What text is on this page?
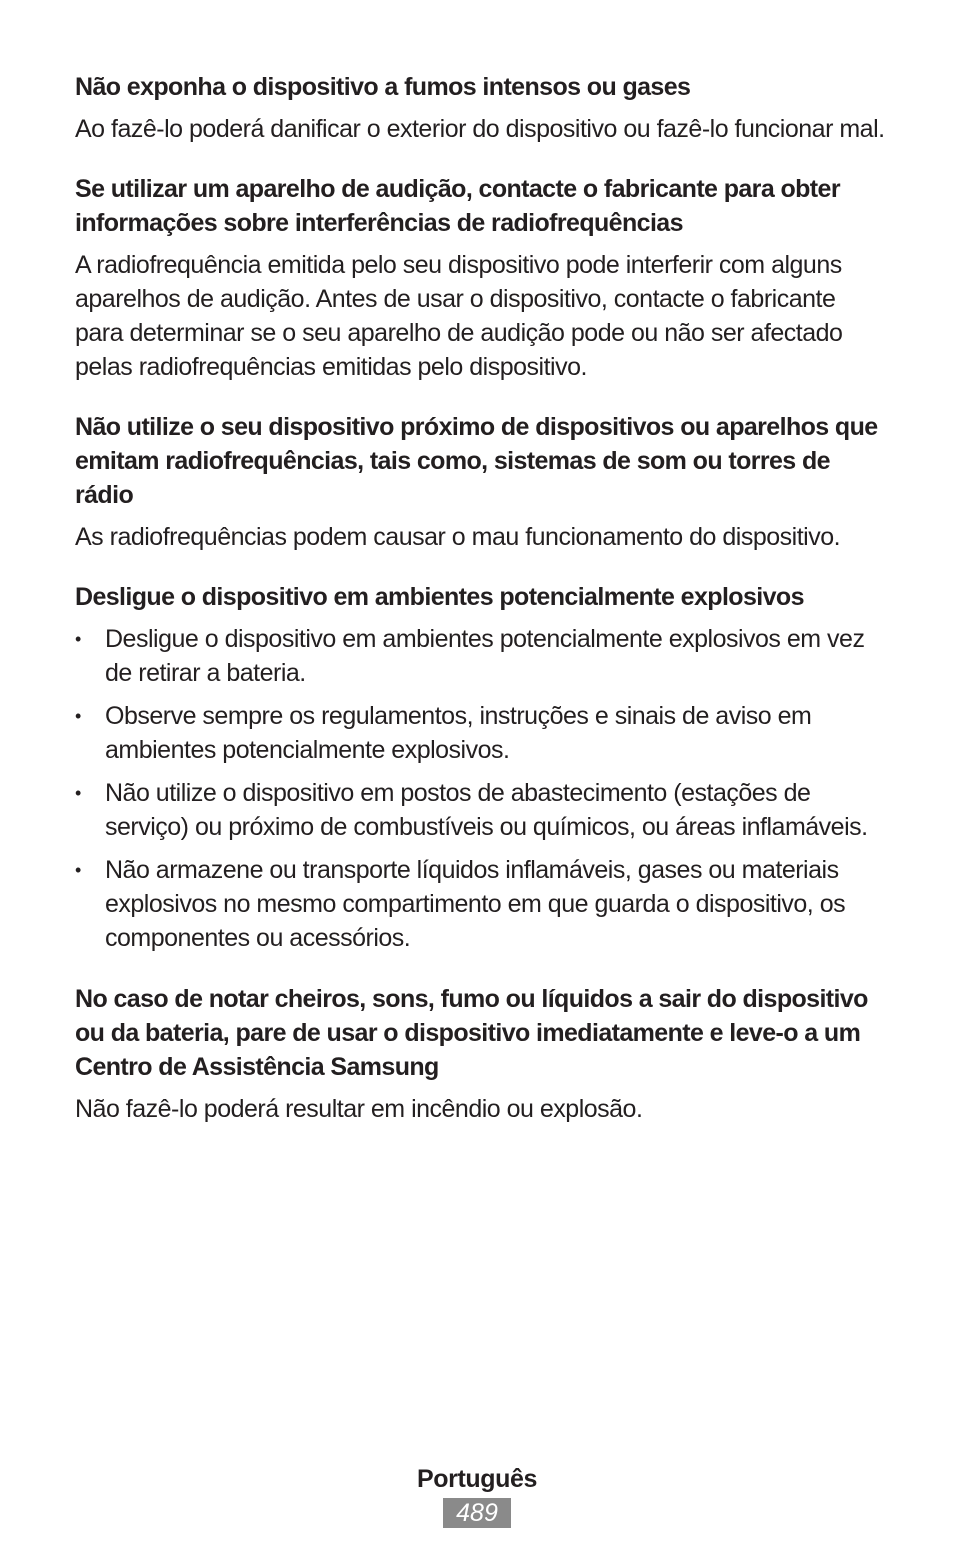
Não exponha o dispositivo a fumos intensos ou gases

Ao fazê-lo poderá danificar o exterior do dispositivo ou fazê-lo funcionar mal.

Se utilizar um aparelho de audição, contacte o fabricante para obter informações sobre interferências de radiofrequências

A radiofrequência emitida pelo seu dispositivo pode interferir com alguns aparelhos de audição. Antes de usar o dispositivo, contacte o fabricante para determinar se o seu aparelho de audição pode ou não ser afectado pelas radiofrequências emitidas pelo dispositivo.

Não utilize o seu dispositivo próximo de dispositivos ou aparelhos que emitam radiofrequências, tais como, sistemas de som ou torres de rádio

As radiofrequências podem causar o mau funcionamento do dispositivo.

Desligue o dispositivo em ambientes potencialmente explosivos

• Desligue o dispositivo em ambientes potencialmente explosivos em vez de retirar a bateria.
• Observe sempre os regulamentos, instruções e sinais de aviso em ambientes potencialmente explosivos.
• Não utilize o dispositivo em postos de abastecimento (estações de serviço) ou próximo de combustíveis ou químicos, ou áreas inflamáveis.
• Não armazene ou transporte líquidos inflamáveis, gases ou materiais explosivos no mesmo compartimento em que guarda o dispositivo, os componentes ou acessórios.

No caso de notar cheiros, sons, fumo ou líquidos a sair do dispositivo ou da bateria, pare de usar o dispositivo imediatamente e leve-o a um Centro de Assistência Samsung

Não fazê-lo poderá resultar em incêndio ou explosão.

Português
489
